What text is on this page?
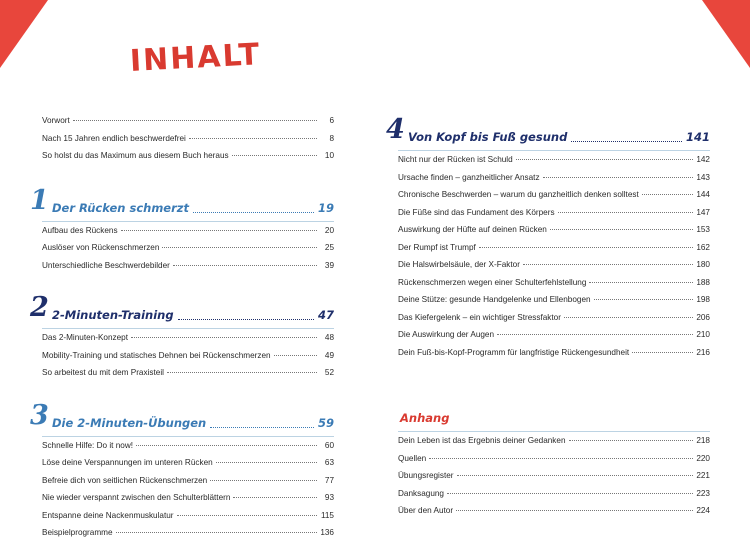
INHALT
Vorwort	6
Nach 15 Jahren endlich beschwerdefrei	8
So holst du das Maximum aus diesem Buch heraus	10
1 Der Rücken schmerzt	19
Aufbau des Rückens	20
Auslöser von Rückenschmerzen	25
Unterschiedliche Beschwerdebilder	39
2 2-Minuten-Training	47
Das 2-Minuten-Konzept	48
Mobility-Training und statisches Dehnen bei Rückenschmerzen	49
So arbeitest du mit dem Praxisteil	52
3 Die 2-Minuten-Übungen	59
Schnelle Hilfe: Do it now!	60
Löse deine Verspannungen im unteren Rücken	63
Befreie dich von seitlichen Rückenschmerzen	77
Nie wieder verspannt zwischen den Schulterblättern	93
Entspanne deine Nackenmuskulatur	115
Beispielprogramme	136
4 Von Kopf bis Fuß gesund	141
Nicht nur der Rücken ist Schuld	142
Ursache finden – ganzheitlicher Ansatz	143
Chronische Beschwerden – warum du ganzheitlich denken solltest	144
Die Füße sind das Fundament des Körpers	147
Auswirkung der Hüfte auf deinen Rücken	153
Der Rumpf ist Trumpf	162
Die Halswirbelsäule, der X-Faktor	180
Rückenschmerzen wegen einer Schulterfehlstellung	188
Deine Stütze: gesunde Handgelenke und Ellenbogen	198
Das Kiefergelenk – ein wichtiger Stressfaktor	206
Die Auswirkung der Augen	210
Dein Fuß-bis-Kopf-Programm für langfristige Rückengesundheit	216
Anhang
Dein Leben ist das Ergebnis deiner Gedanken	218
Quellen	220
Übungsregister	221
Danksagung	223
Über den Autor	224
